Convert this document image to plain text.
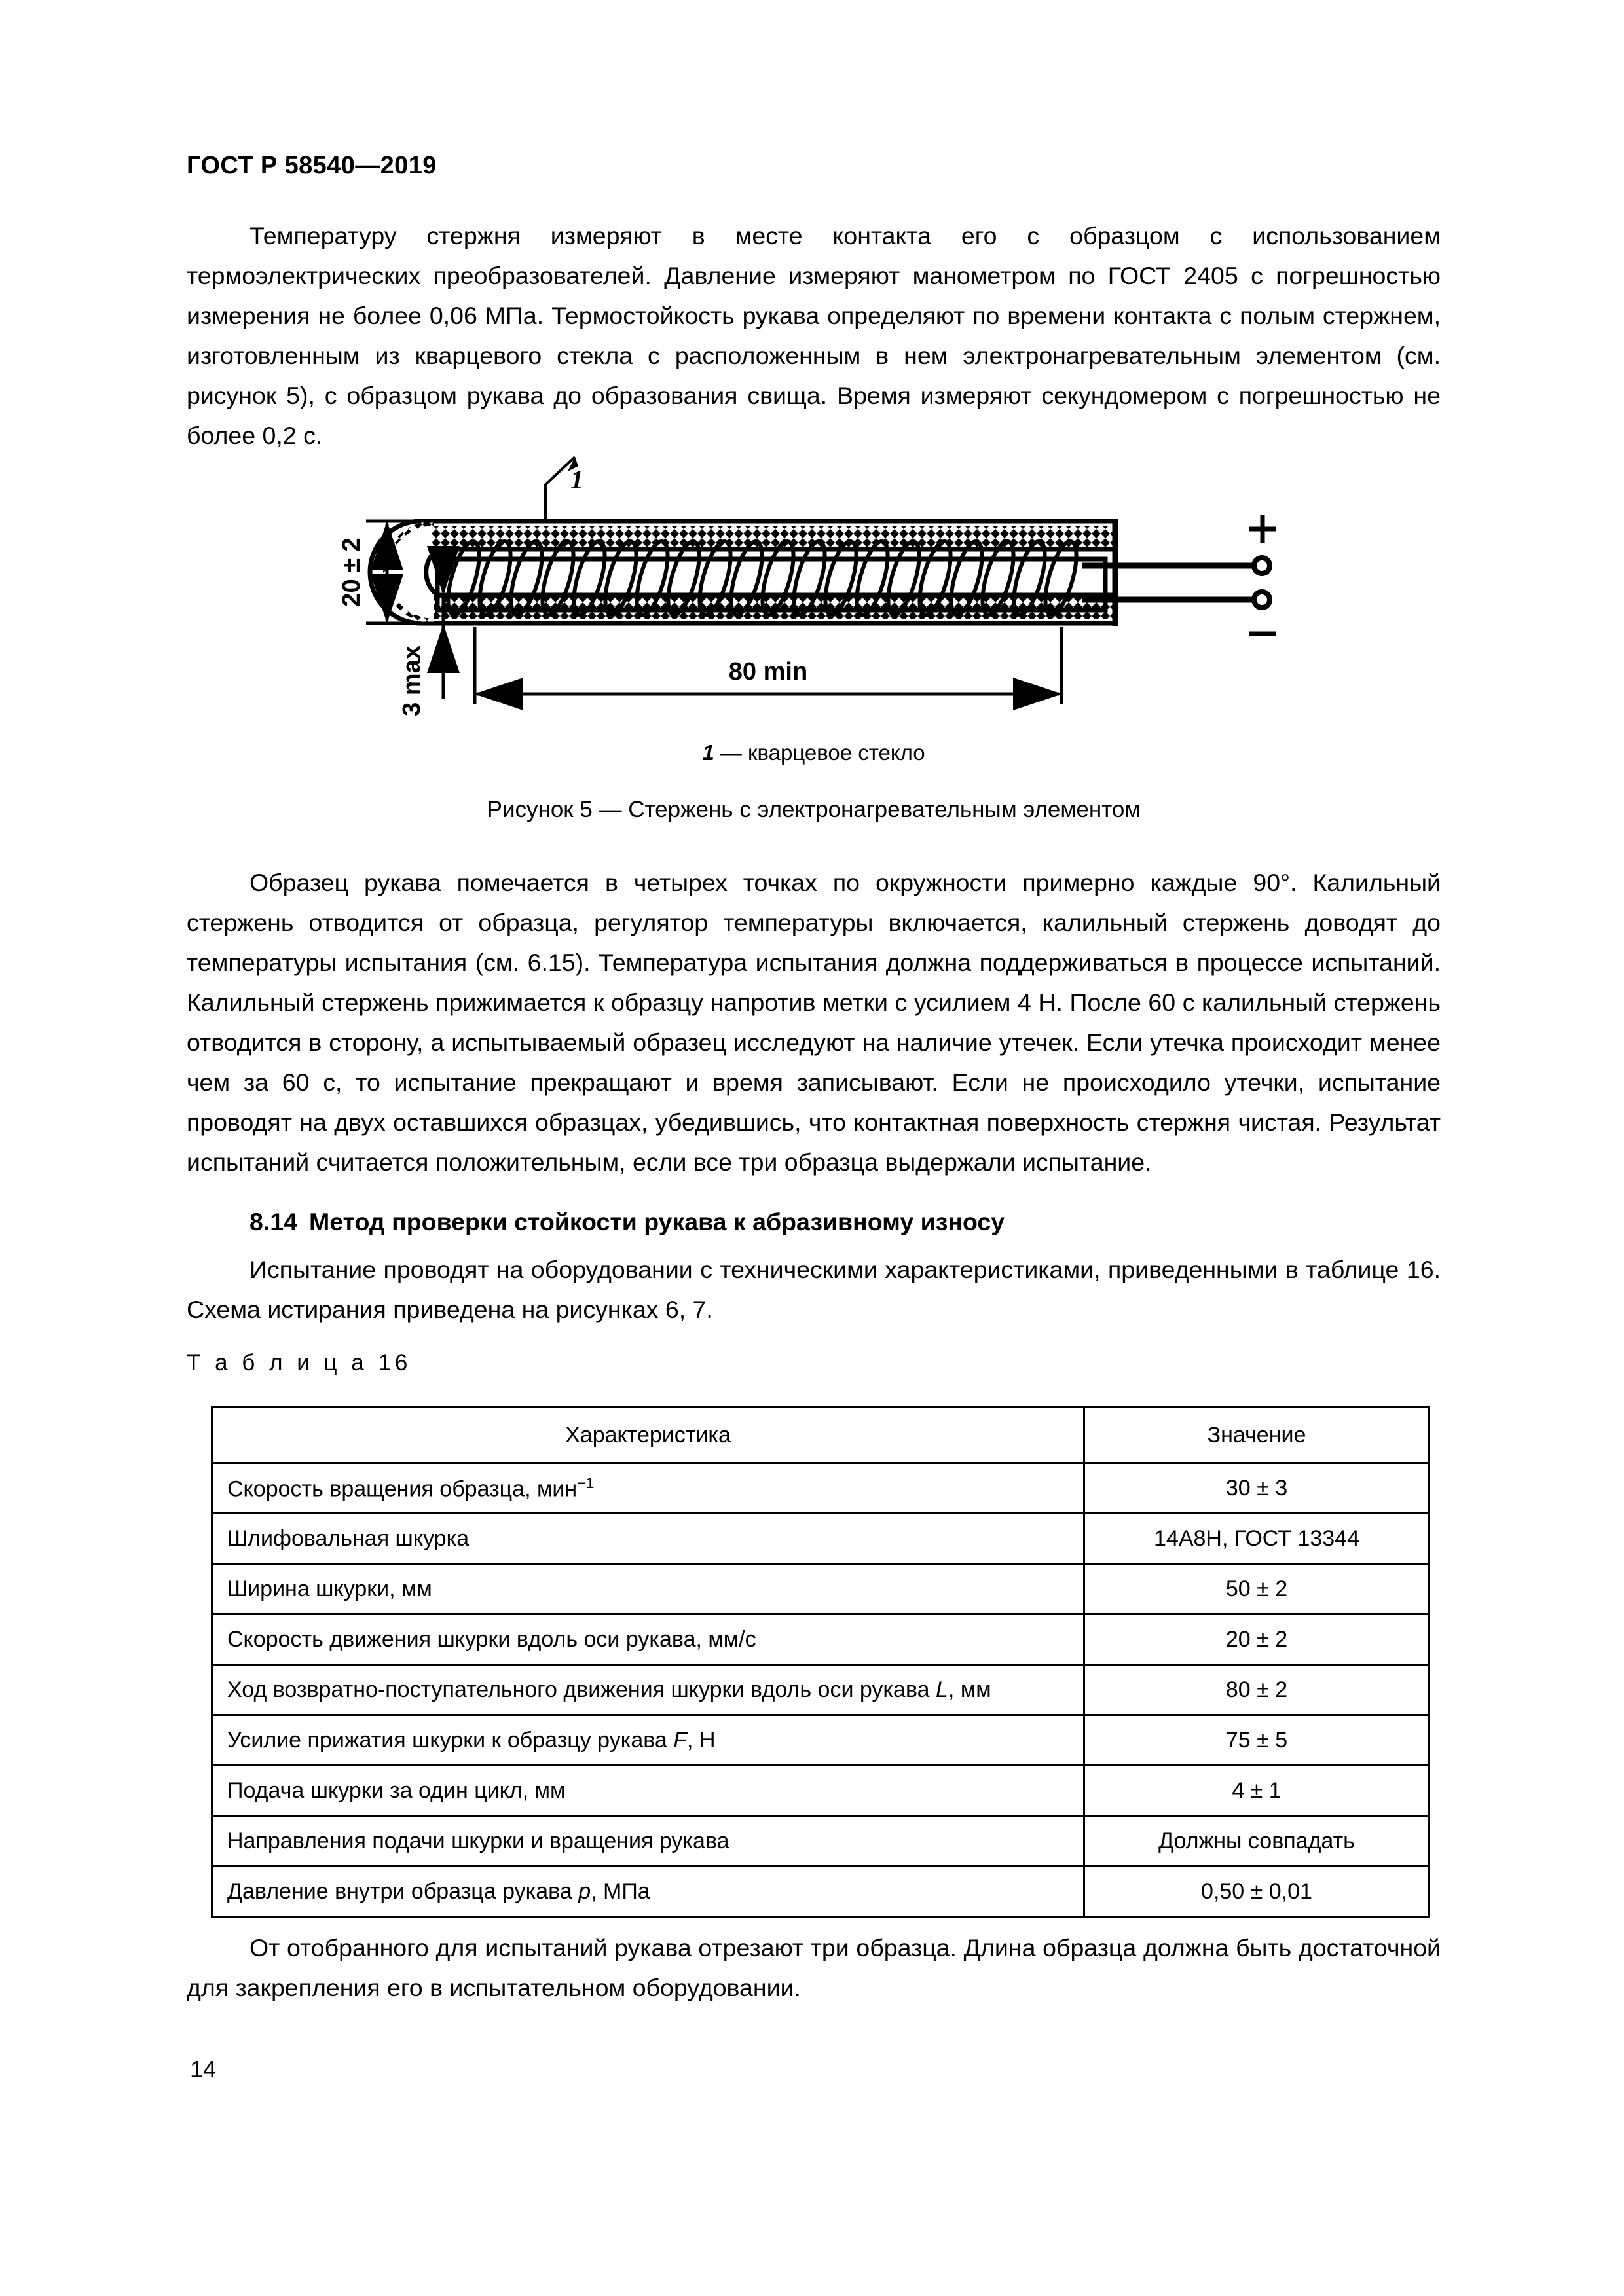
ГОСТ Р 58540—2019

Температуру стержня измеряют в месте контакта его с образцом с использованием термоэлектрических преобразователей. Давление измеряют манометром по ГОСТ 2405 с погрешностью измерения не более 0,06 МПа. Термостойкость рукава определяют по времени контакта с полым стержнем, изготовленным из кварцевого стекла с расположенным в нем электронагревательным элементом (см. рисунок 5), с образцом рукава до образования свища. Время измеряют секундомером с погрешностью не более 0,2 с.

1
20 ± 2
3 max	80 min
1 — кварцевое стекло
Рисунок 5 — Стержень с электронагревательным элементом

Образец рукава помечается в четырех точках по окружности примерно каждые 90°. Калильный стержень отводится от образца, регулятор температуры включается, калильный стержень доводят до температуры испытания (см. 6.15). Температура испытания должна поддерживаться в процессе испытаний. Калильный стержень прижимается к образцу напротив метки с усилием 4 Н. После 60 с калильный стержень отводится в сторону, а испытываемый образец исследуют на наличие утечек. Если утечка происходит менее чем за 60 с, то испытание прекращают и время записывают. Если не происходило утечки, испытание проводят на двух оставшихся образцах, убедившись, что контактная поверхность стержня чистая. Результат испытаний считается положительным, если все три образца выдержали испытание.

8.14 Метод проверки стойкости рукава к абразивному износу

Испытание проводят на оборудовании с техническими характеристиками, приведенными в таблице 16. Схема истирания приведена на рисунках 6, 7.

Т а б л и ц а 16
Характеристика	Значение
Скорость вращения образца, мин$^{-1}$	30 ± 3
Шлифовальная шкурка	14А8Н, ГОСТ 13344
Ширина шкурки, мм	50 ± 2
Скорость движения шкурки вдоль оси рукава, мм/с	20 ± 2
Ход возвратно-поступательного движения шкурки вдоль оси рукава L, мм	80 ± 2
Усилие прижатия шкурки к образцу рукава F, Н	75 ± 5
Подача шкурки за один цикл, мм	4 ± 1
Направления подачи шкурки и вращения рукава	Должны совпадать
Давление внутри образца рукава p, МПа	0,50 ± 0,01

От отобранного для испытаний рукава отрезают три образца. Длина образца должна быть достаточной для закрепления его в испытательном оборудовании.

14
